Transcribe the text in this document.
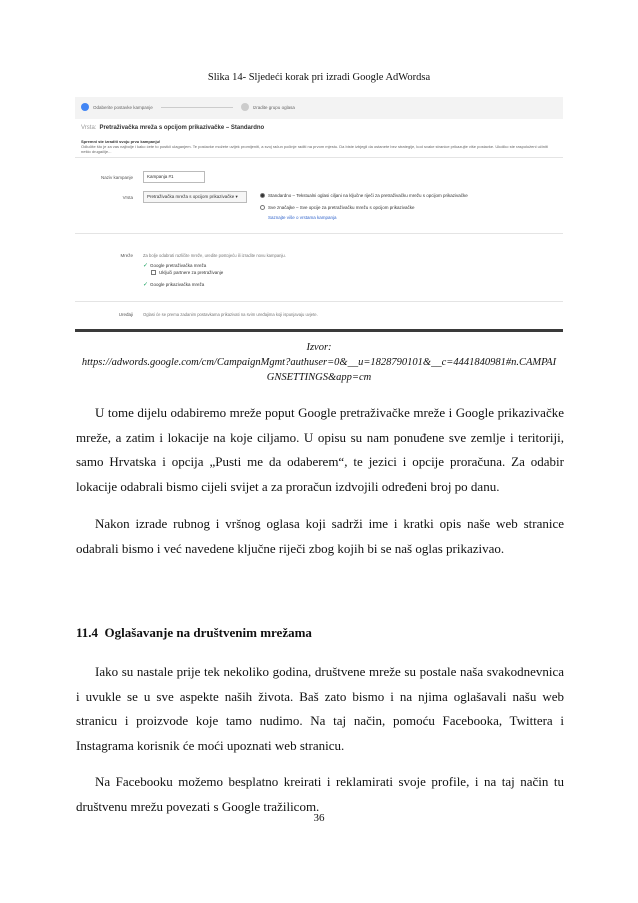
Slika 14- Sljedeći korak pri izradi Google AdWordsa
Odaberite postavke kampanje	Izradite grupu oglasa
Vrsta: Pretraživačka mreža s opcijom prikazivačke – Standardno
Spremni ste izraditi svoju prvu kampanju!
Odlučite što je za vas najbolje i kako ćete to postići ulaganjem. Te postavke možete uvijek promijeniti, a svoj račun počinje raditi na prvom mjestu. Da biste izbjegli da ostanete bez strategije, kod svake stranice prikazujte više postavke. Ukoliko ste raspoloženi učiniti nešto drugačije...
Naziv kampanje	Kampanja #1
Vrsta	Pretraživačka mreža s opcijom prikazivačke ▾	Standardno – Tekstualni oglasi ciljani na ključne riječi za pretraživačku mrežu s opcijom prikazivačke
Sve značajke – Sve opcije za pretraživačku mrežu s opcijom prikazivačke
Saznajte više o vrstama kampanja
Mreže Za bolje odabrati različite mreže, uredite postojeću ili izradite novu kampanju.
✓ Google pretraživačka mreža
Uključi partnere za pretraživanje
✓ Google prikazivačka mreža
Uređaji Oglasi će se prema zadanim postavkama prikazivati na svim uređajima koji ispunjavaju uvjete.
Izvor:
https://adwords.google.com/cm/CampaignMgmt?authuser=0&__u=1828790101&__c=4441840981#n.CAMPAI
GNSETTINGS&app=cm

U tome dijelu odabiremo mreže poput Google pretraživačke mreže i Google prikazivačke mreže, a zatim i lokacije na koje ciljamo. U opisu su nam ponuđene sve zemlje i teritoriji, samo Hrvatska i opcija „Pusti me da odaberem“, te jezici i opcije proračuna. Za odabir lokacije odabrali bismo cijeli svijet a za proračun izdvojili određeni broj po danu.

Nakon izrade rubnog i vršnog oglasa koji sadrži ime i kratki opis naše web stranice odabrali bismo i već navedene ključne riječi zbog kojih bi se naš oglas prikazivao.

11.4 Oglašavanje na društvenim mrežama

Iako su nastale prije tek nekoliko godina, društvene mreže su postale naša svakodnevnica i uvukle se u sve aspekte naših života. Baš zato bismo i na njima oglašavali našu web stranicu i proizvode koje tamo nudimo. Na taj način, pomoću Facebooka, Twittera i Instagrama korisnik će moći upoznati web stranicu.

Na Facebooku možemo besplatno kreirati i reklamirati svoje profile, i na taj način tu društvenu mrežu povezati s Google tražilicom.

36
